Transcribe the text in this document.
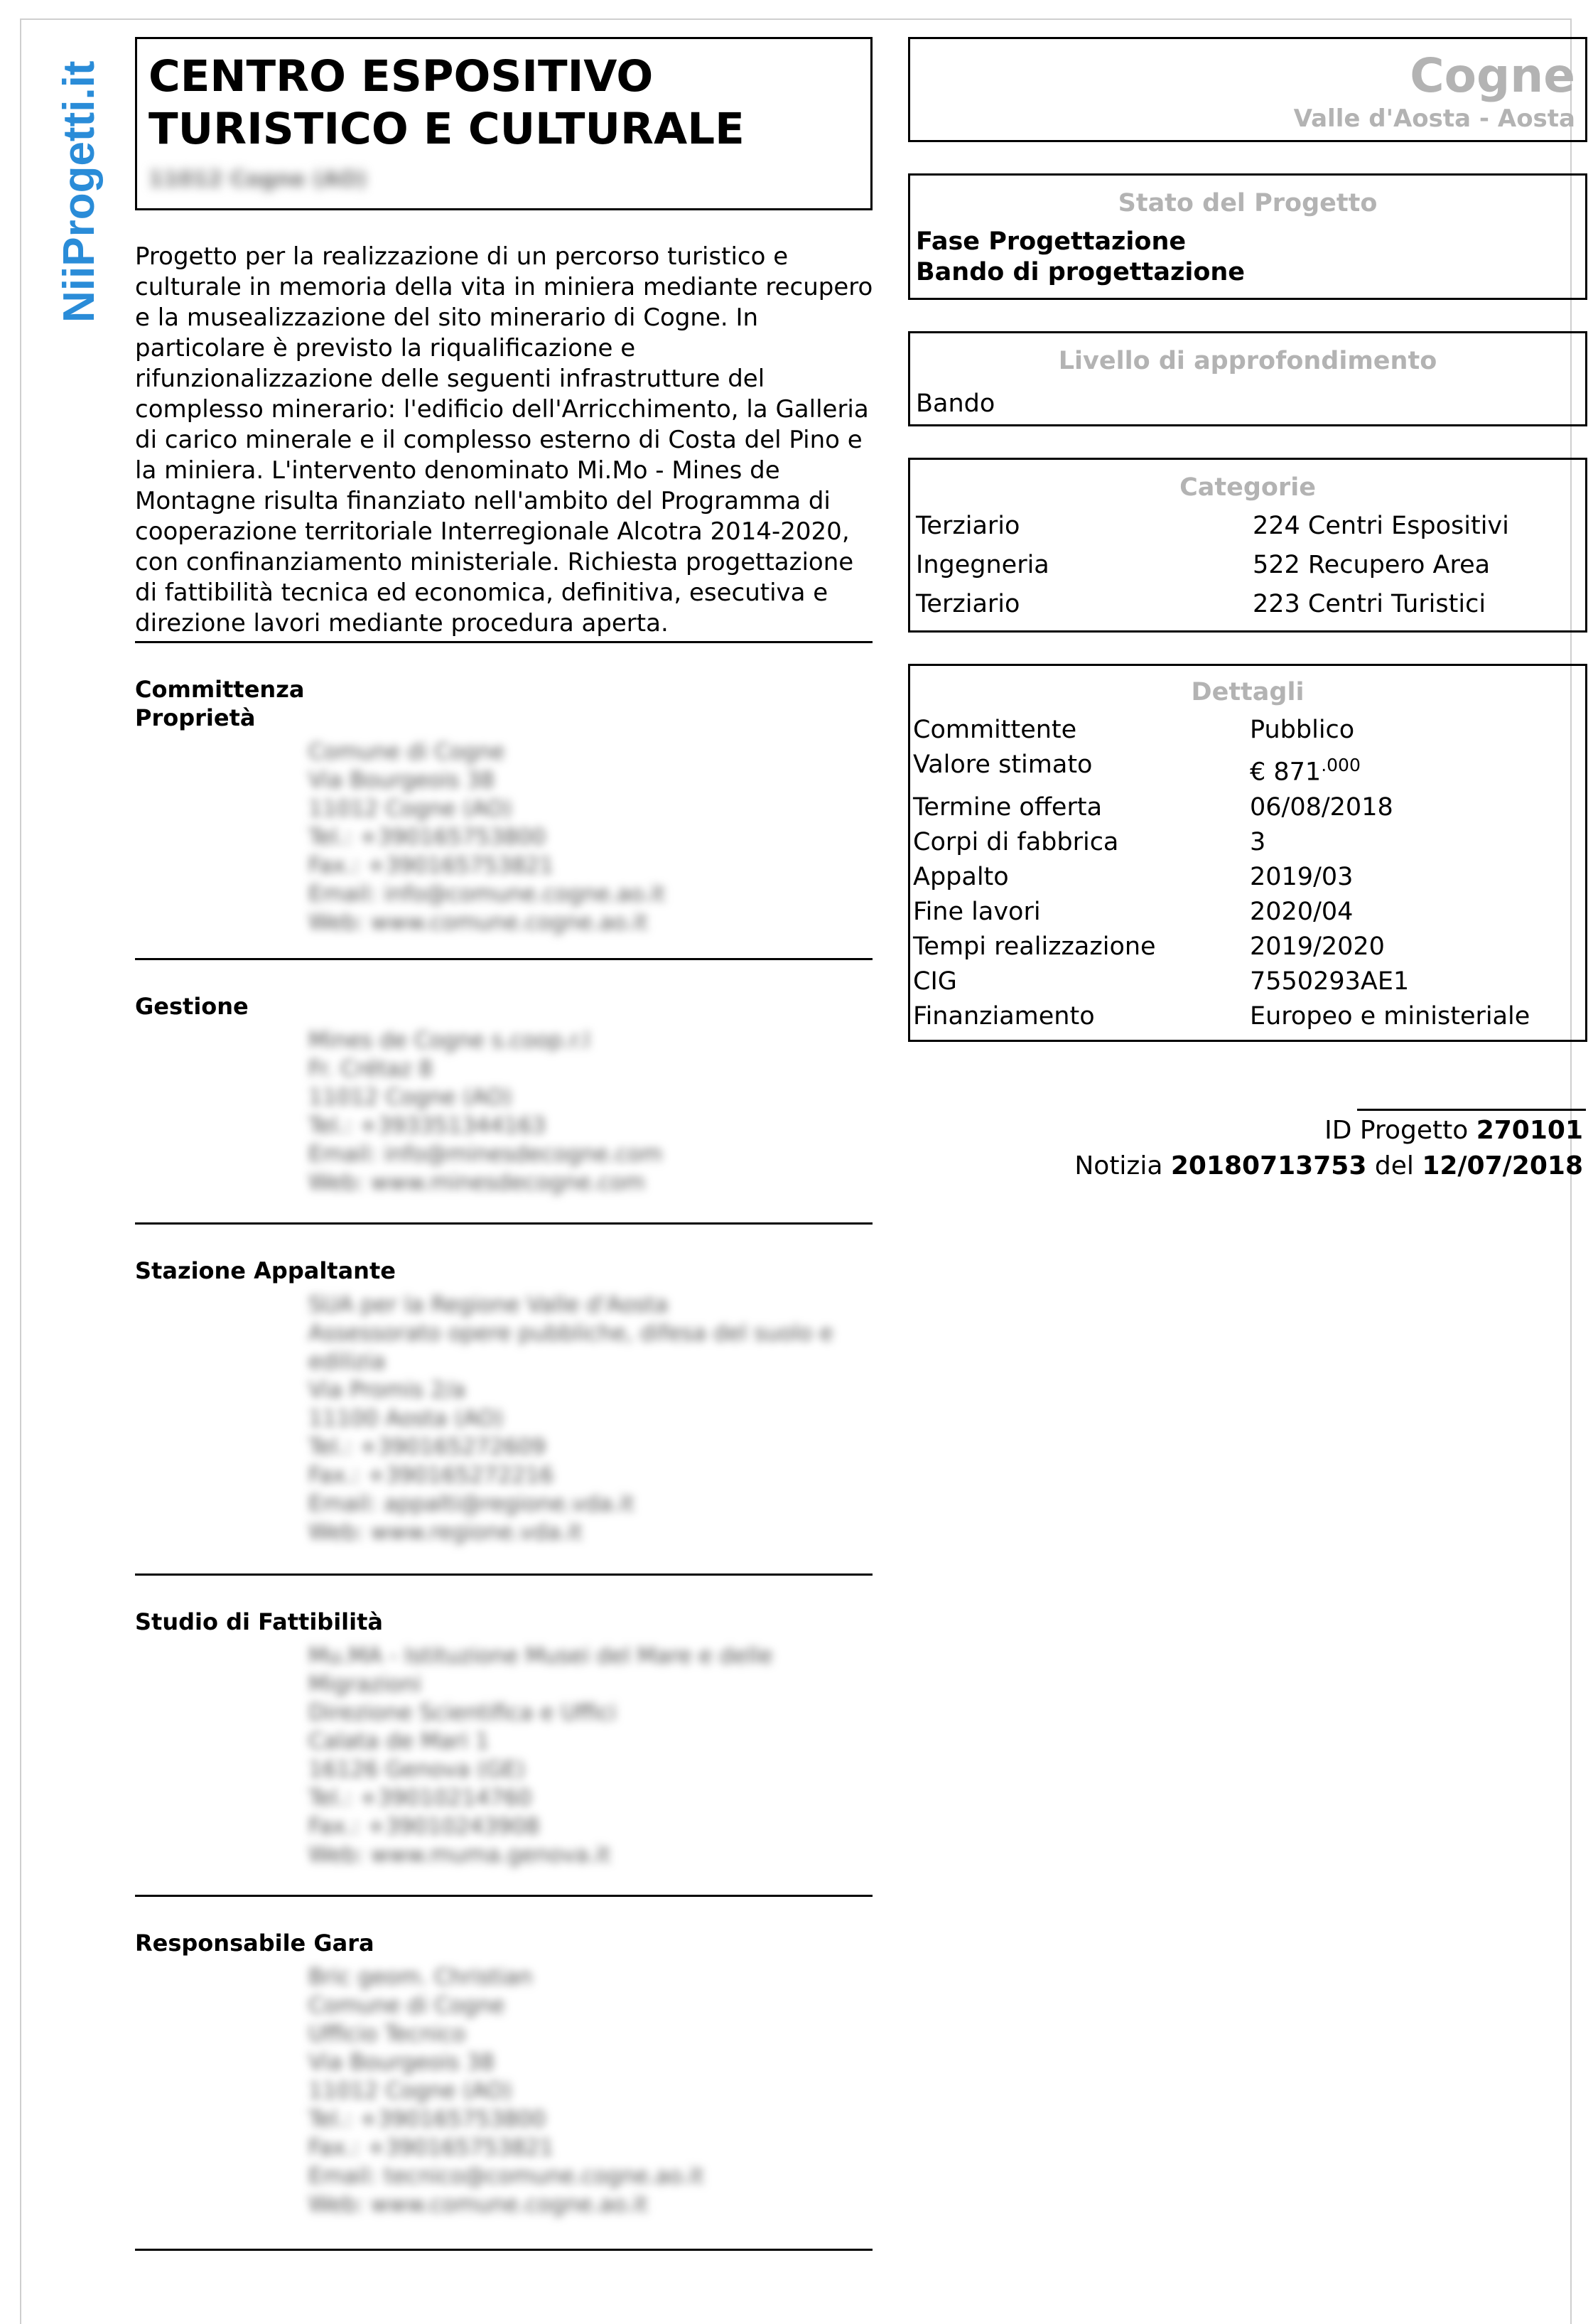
NiiProgetti.it CENTRO ESPOSITIVO
TURISTICO E CULTURALE
11012 Cogne (AO)
Progetto per la realizzazione di un percorso turistico e culturale in memoria della vita in miniera mediante recupero e la musealizzazione del sito minerario di Cogne. In particolare è previsto la riqualificazione e rifunzionalizzazione delle seguenti infrastrutture del complesso minerario: l'edificio dell'Arricchimento, la Galleria di carico minerale e il complesso esterno di Costa del Pino e la miniera. L'intervento denominato Mi.Mo - Mines de Montagne risulta finanziato nell'ambito del Programma di cooperazione territoriale Interregionale Alcotra 2014-2020, con confinanziamento ministeriale. Richiesta progettazione di fattibilità tecnica ed economica, definitiva, esecutiva e direzione lavori mediante procedura aperta.
Committenza
Proprietà
Comune di Cogne
Via Bourgeois 38
11012 Cogne (AO)
Tel.: +390165753800
Fax.: +390165753821
Email: info@comune.cogne.ao.it
Web: www.comune.cogne.ao.it
Gestione
Mines de Cogne s.coop.r.l
Fr. Crétaz 8
11012 Cogne (AO)
Tel.: +393351344163
Email: info@minesdecogne.com
Web: www.minesdecogne.com
Stazione Appaltante
SUA per la Regione Valle d'Aosta
Assessorato opere pubbliche, difesa del suolo e
edilizia
Via Promis 2/a
11100 Aosta (AO)
Tel.: +390165272609
Fax.: +390165272216
Email: appalti@regione.vda.it
Web: www.regione.vda.it
Studio di Fattibilità
Mu.MA - Istituzione Musei del Mare e delle
Migrazioni
Direzione Scientifica e Uffici
Calata de Mari 1
16126 Genova (GE)
Tel.: +39010214760
Fax.: +39010243908
Web: www.muma.genova.it
Responsabile Gara
Bric geom. Christian
Comune di Cogne
Ufficio Tecnico
Via Bourgeois 38
11012 Cogne (AO)
Tel.: +390165753800
Fax.: +390165753821
Email: tecnico@comune.cogne.ao.it
Web: www.comune.cogne.ao.it
Cogne
Valle d'Aosta - Aosta
Stato del Progetto
Fase Progettazione
Bando di progettazione
Livello di approfondimento
Bando
Categorie
Terziario	224 Centri Espositivi
Ingegneria	522 Recupero Area
Terziario	223 Centri Turistici
Dettagli
Committente	Pubblico
Valore stimato	€ $871^{.000}$
Termine offerta	06/08/2018
Corpi di fabbrica	3
Appalto	2019/03
Fine lavori	2020/04
Tempi realizzazione	2019/2020
CIG	7550293AE1
Finanziamento	Europeo e ministeriale
ID Progetto 270101
Notizia 20180713753 del 12/07/2018
